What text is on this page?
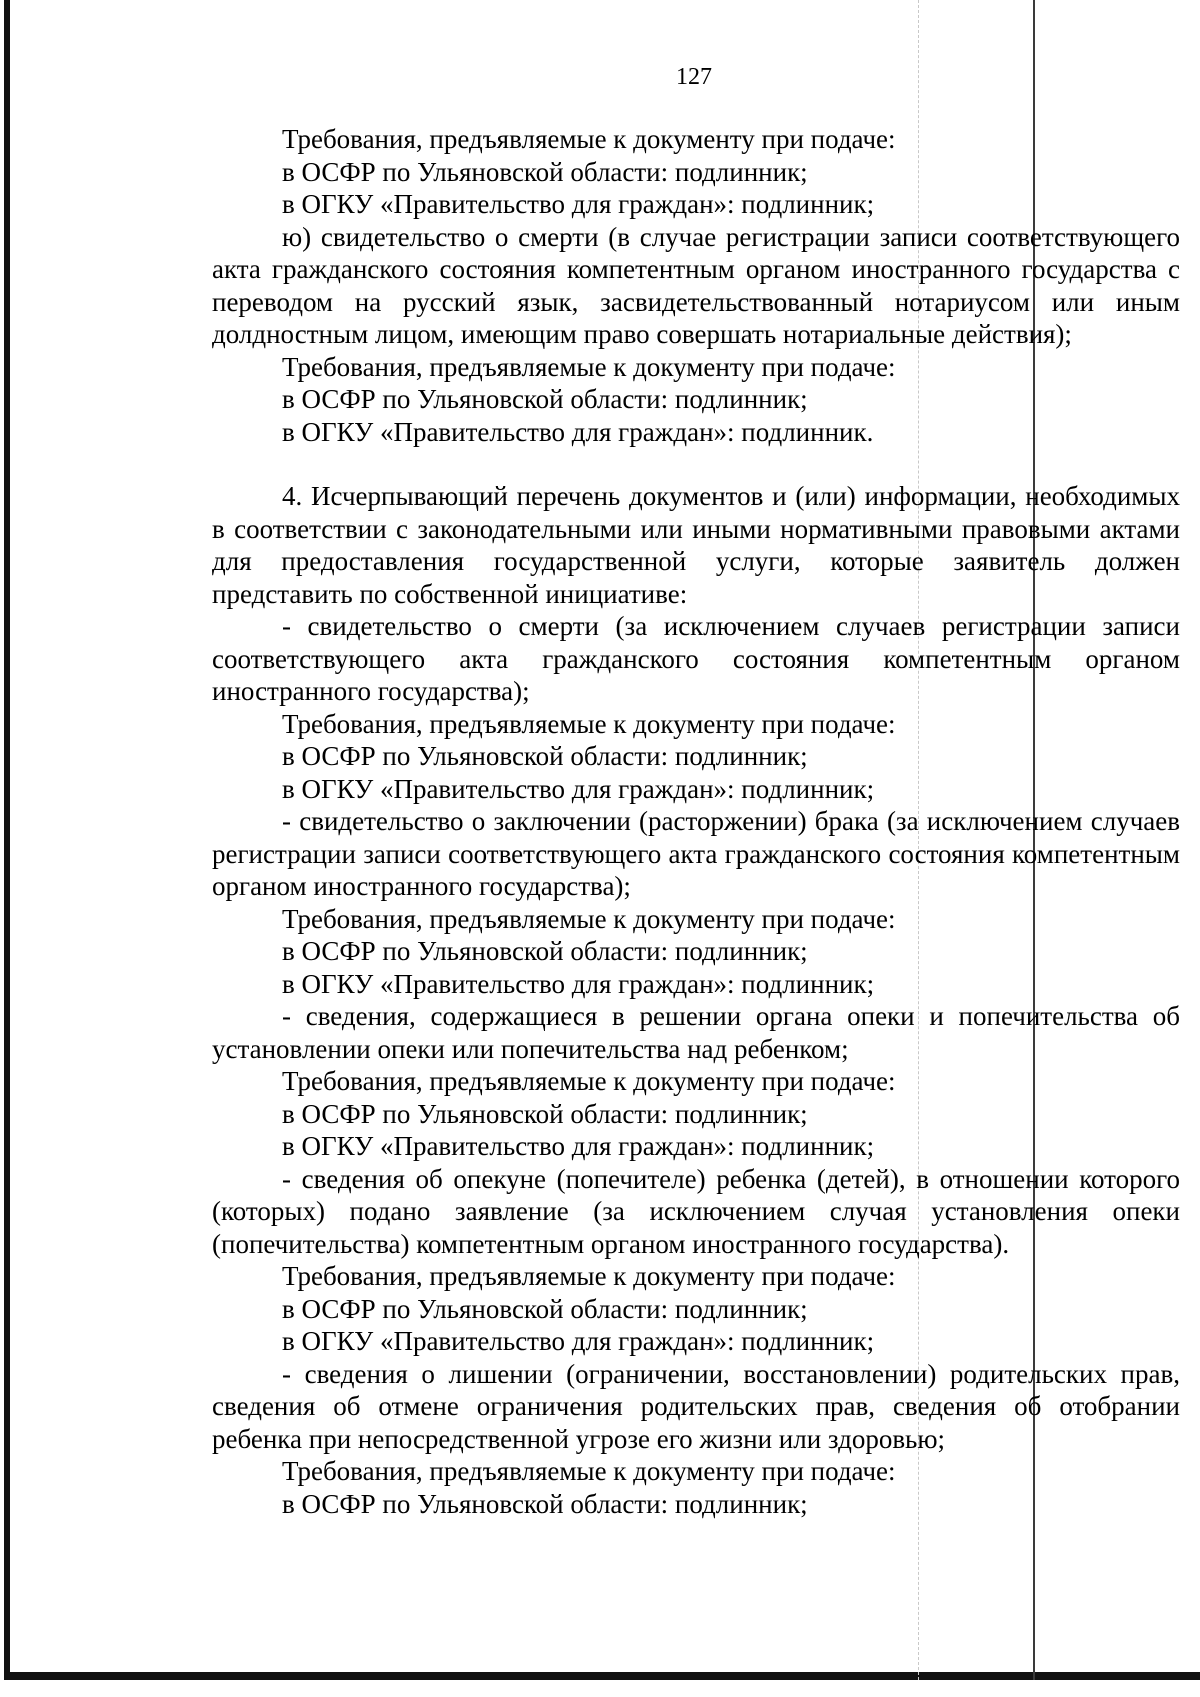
127

Требования, предъявляемые к документу при подаче:

в ОСФР по Ульяновской области: подлинник;

в ОГКУ «Правительство для граждан»: подлинник;

ю) свидетельство о смерти (в случае регистрации записи соответствующего акта гражданского состояния компетентным органом иностранного государства с переводом на русский язык, засвидетельствованный нотариусом или иным долдностным лицом, имеющим право совершать нотариальные действия);

Требования, предъявляемые к документу при подаче:

в ОСФР по Ульяновской области: подлинник;

в ОГКУ «Правительство для граждан»: подлинник.

4. Исчерпывающий перечень документов и (или) информации, необходимых в соответствии с законодательными или иными нормативными правовыми актами для предоставления государственной услуги, которые заявитель должен представить по собственной инициативе:

- свидетельство о смерти (за исключением случаев регистрации записи соответствующего акта гражданского состояния компетентным органом иностранного государства);

Требования, предъявляемые к документу при подаче:

в ОСФР по Ульяновской области: подлинник;

в ОГКУ «Правительство для граждан»: подлинник;

- свидетельство о заключении (расторжении) брака (за исключением случаев регистрации записи соответствующего акта гражданского состояния компетентным органом иностранного государства);

Требования, предъявляемые к документу при подаче:

в ОСФР по Ульяновской области: подлинник;

в ОГКУ «Правительство для граждан»: подлинник;

- сведения, содержащиеся в решении органа опеки и попечительства об установлении опеки или попечительства над ребенком;

Требования, предъявляемые к документу при подаче:

в ОСФР по Ульяновской области: подлинник;

в ОГКУ «Правительство для граждан»: подлинник;

- сведения об опекуне (попечителе) ребенка (детей), в отношении которого (которых) подано заявление (за исключением случая установления опеки (попечительства) компетентным органом иностранного государства).

Требования, предъявляемые к документу при подаче:

в ОСФР по Ульяновской области: подлинник;

в ОГКУ «Правительство для граждан»: подлинник;

- сведения о лишении (ограничении, восстановлении) родительских прав, сведения об отмене ограничения родительских прав, сведения об отобрании ребенка при непосредственной угрозе его жизни или здоровью;

Требования, предъявляемые к документу при подаче:

в ОСФР по Ульяновской области: подлинник;
